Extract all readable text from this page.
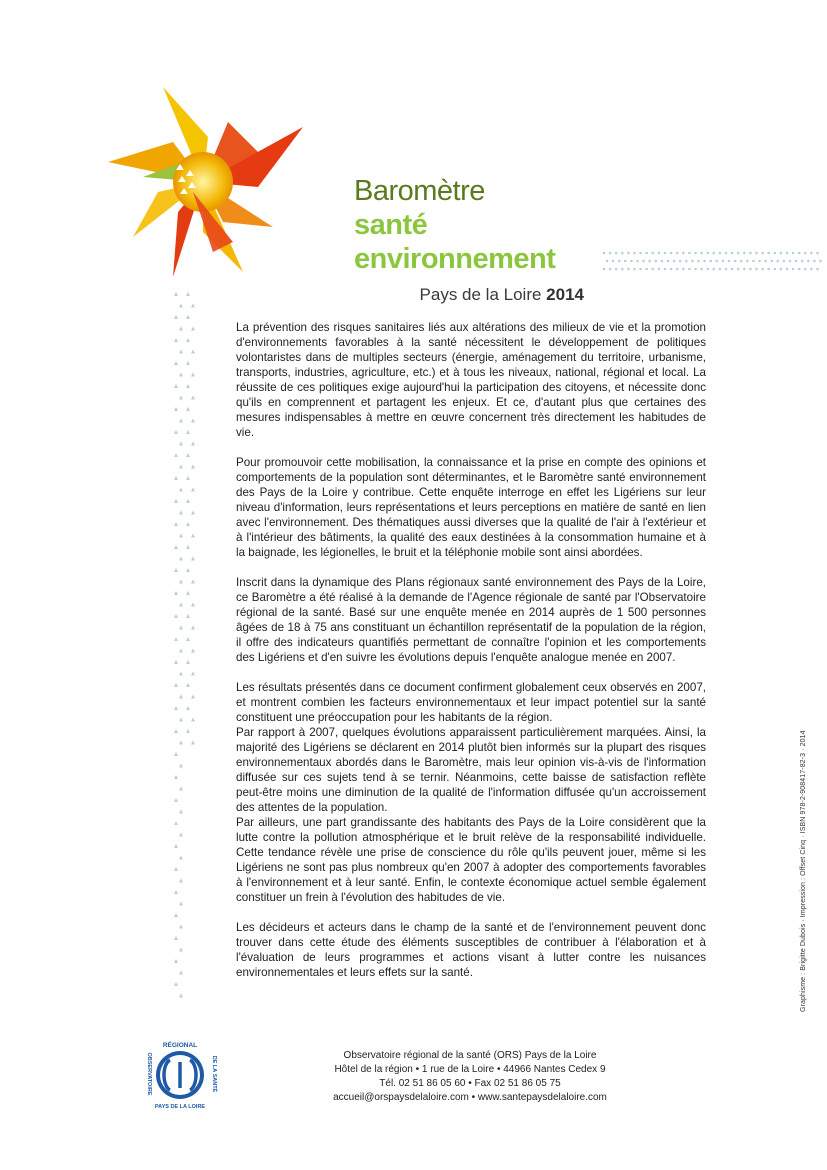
Baromètre
santé
environnement
Pays de la Loire 2014

La prévention des risques sanitaires liés aux altérations des milieux de vie et la promotion d'environnements favorables à la santé nécessitent le développement de politiques volontaristes dans de multiples secteurs (énergie, aménagement du territoire, urbanisme, transports, industries, agriculture, etc.) et à tous les niveaux, national, régional et local. La réussite de ces politiques exige aujourd'hui la participation des citoyens, et nécessite donc qu'ils en comprennent et partagent les enjeux. Et ce, d'autant plus que certaines des mesures indispensables à mettre en œuvre concernent très directement les habitudes de vie.

Pour promouvoir cette mobilisation, la connaissance et la prise en compte des opinions et comportements de la population sont déterminantes, et le Baromètre santé environnement des Pays de la Loire y contribue. Cette enquête interroge en effet les Ligériens sur leur niveau d'information, leurs représentations et leurs perceptions en matière de santé en lien avec l'environnement. Des thématiques aussi diverses que la qualité de l'air à l'extérieur et à l'intérieur des bâtiments, la qualité des eaux destinées à la consommation humaine et à la baignade, les légionelles, le bruit et la téléphonie mobile sont ainsi abordées.

Inscrit dans la dynamique des Plans régionaux santé environnement des Pays de la Loire, ce Baromètre a été réalisé à la demande de l'Agence régionale de santé par l'Observatoire régional de la santé. Basé sur une enquête menée en 2014 auprès de 1 500 personnes âgées de 18 à 75 ans constituant un échantillon représentatif de la population de la région, il offre des indicateurs quantifiés permettant de connaître l'opinion et les comportements des Ligériens et d'en suivre les évolutions depuis l'enquête analogue menée en 2007.

Les résultats présentés dans ce document confirment globalement ceux observés en 2007, et montrent combien les facteurs environnementaux et leur impact potentiel sur la santé constituent une préoccupation pour les habitants de la région.

Par rapport à 2007, quelques évolutions apparaissent particulièrement marquées. Ainsi, la majorité des Ligériens se déclarent en 2014 plutôt bien informés sur la plupart des risques environnementaux abordés dans le Baromètre, mais leur opinion vis-à-vis de l'information diffusée sur ces sujets tend à se ternir. Néanmoins, cette baisse de satisfaction reflète peut-être moins une diminution de la qualité de l'information diffusée qu'un accroissement des attentes de la population.

Par ailleurs, une part grandissante des habitants des Pays de la Loire considèrent que la lutte contre la pollution atmosphérique et le bruit relève de la responsabilité individuelle. Cette tendance révèle une prise de conscience du rôle qu'ils peuvent jouer, même si les Ligériens ne sont pas plus nombreux qu'en 2007 à adopter des comportements favorables à l'environnement et à leur santé. Enfin, le contexte économique actuel semble également constituer un frein à l'évolution des habitudes de vie.

Les décideurs et acteurs dans le champ de la santé et de l'environnement peuvent donc trouver dans cette étude des éléments susceptibles de contribuer à l'élaboration et à l'évaluation de leurs programmes et actions visant à lutter contre les nuisances environnementales et leurs effets sur la santé.	Graphisme : Brigitte Dubois · Impression : Offset Cinq · ISBN 978-2-908417-82-3 · 2014
RÉGIONAL
PAYS DE LA LOIRE
OBSERVATOIRE	DE LA SANTÉ
Observatoire régional de la santé (ORS) Pays de la Loire
Hôtel de la région • 1 rue de la Loire • 44966 Nantes Cedex 9
Tél. 02 51 86 05 60 • Fax 02 51 86 05 75
accueil@orspaysdelaloire.com • www.santepaysdelaloire.com
